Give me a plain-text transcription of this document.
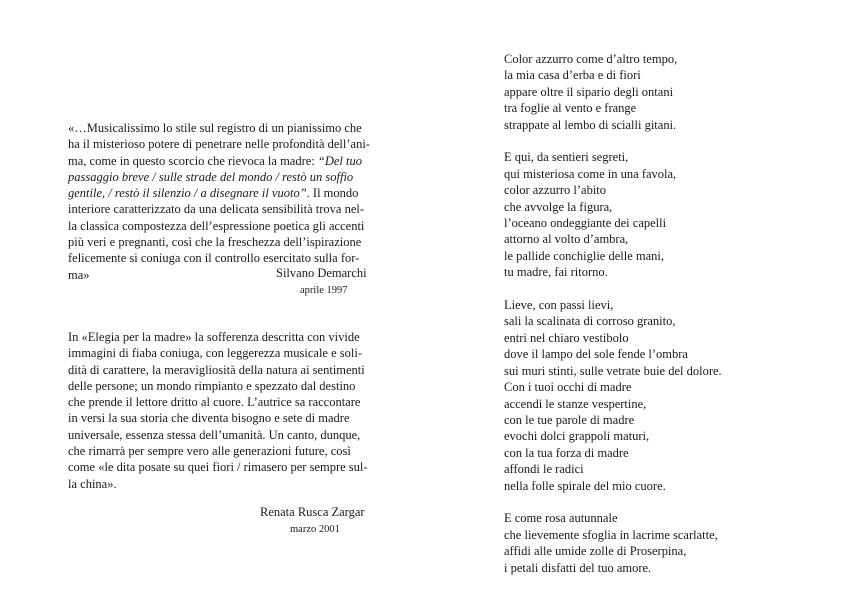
«…Musicalissimo lo stile sul registro di un pianissimo che
ha il misterioso potere di penetrare nelle profondità dell’ani-
ma, come in questo scorcio che rievoca la madre: “Del tuo
passaggio breve / sulle strade del mondo / restò un soffio
gentile, / restò il silenzio / a disegnare il vuoto”. Il mondo
interiore caratterizzato da una delicata sensibilità trova nel-
la classica compostezza dell’espressione poetica gli accenti
più veri e pregnanti, così che la freschezza dell’ispirazione
felicemente si coniuga con il controllo esercitato sulla for-
ma»	Silvano Demarchi
aprile 1997
In «Elegia per la madre» la sofferenza descritta con vivide
immagini di fiaba coniuga, con leggerezza musicale e soli-
dità di carattere, la meravigliosità della natura ai sentimenti
delle persone; un mondo rimpianto e spezzato dal destino
che prende il lettore dritto al cuore. L’autrice sa raccontare
in versi la sua storia che diventa bisogno e sete di madre
universale, essenza stessa dell’umanità. Un canto, dunque,
che rimarrà per sempre vero alle generazioni future, così
come «le dita posate su quei fiori / rimasero per sempre sul-
la china».
Renata Rusca Zargar
marzo 2001
Color azzurro come d’altro tempo,
la mia casa d’erba e di fiori
appare oltre il sipario degli ontani
tra foglie al vento e frange
strappate al lembo di scialli gitani.
E qui, da sentieri segreti,
qui misteriosa come in una favola,
color azzurro l’abito
che avvolge la figura,
l’oceano ondeggiante dei capelli
attorno al volto d’ambra,
le pallide conchiglie delle mani,
tu madre, fai ritorno.
Lieve, con passi lievi,
sali la scalinata di corroso granito,
entri nel chiaro vestibolo
dove il lampo del sole fende l’ombra
sui muri stinti, sulle vetrate buie del dolore.
Con i tuoi occhi di madre
accendi le stanze vespertine,
con le tue parole di madre
evochi dolci grappoli maturi,
con la tua forza di madre
affondi le radici
nella folle spirale del mio cuore.
E come rosa autunnale
che lievemente sfoglia in lacrime scarlatte,
affidi alle umide zolle di Proserpina,
i petali disfatti del tuo amore.
